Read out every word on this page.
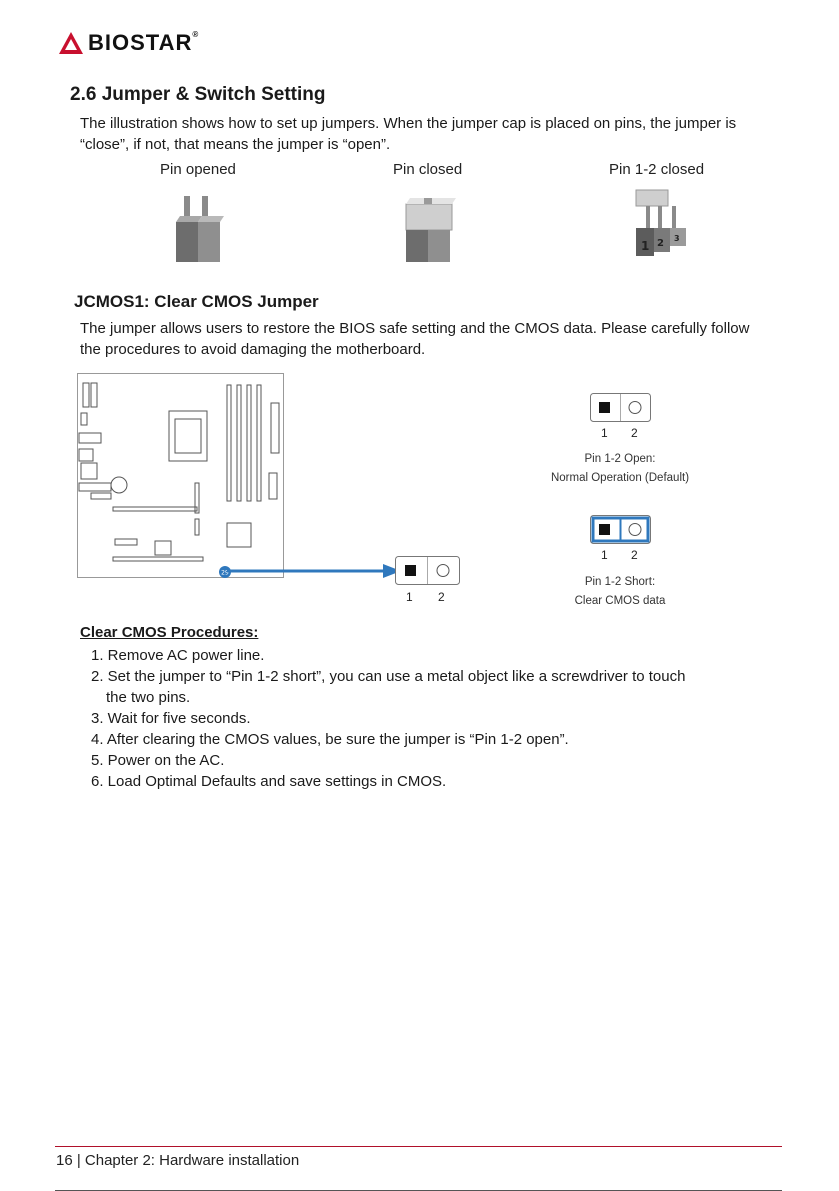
BIOSTAR®
2.6 Jumper & Switch Setting

The illustration shows how to set up jumpers. When the jumper cap is placed on pins, the jumper is “close”, if not, that means the jumper is “open”.

Pin opened	Pin closed	Pin 1-2 closed
1 2 3
JCMOS1: Clear CMOS Jumper

The jumper allows users to restore the BIOS safe setting and the CMOS data. Please carefully follow the procedures to avoid damaging the motherboard.

29
1 2
1 2
Pin 1-2 Open:
Normal Operation (Default)
1 2
Pin 1-2 Short:
Clear CMOS data

Clear CMOS Procedures:

1. Remove AC power line.
2. Set the jumper to “Pin 1-2 short”, you can use a metal object like a screwdriver to touch
the two pins.
3. Wait for five seconds.
4. After clearing the CMOS values, be sure the jumper is “Pin 1-2 open”.
5. Power on the AC.
6. Load Optimal Defaults and save settings in CMOS.
16 | Chapter 2: Hardware installation
